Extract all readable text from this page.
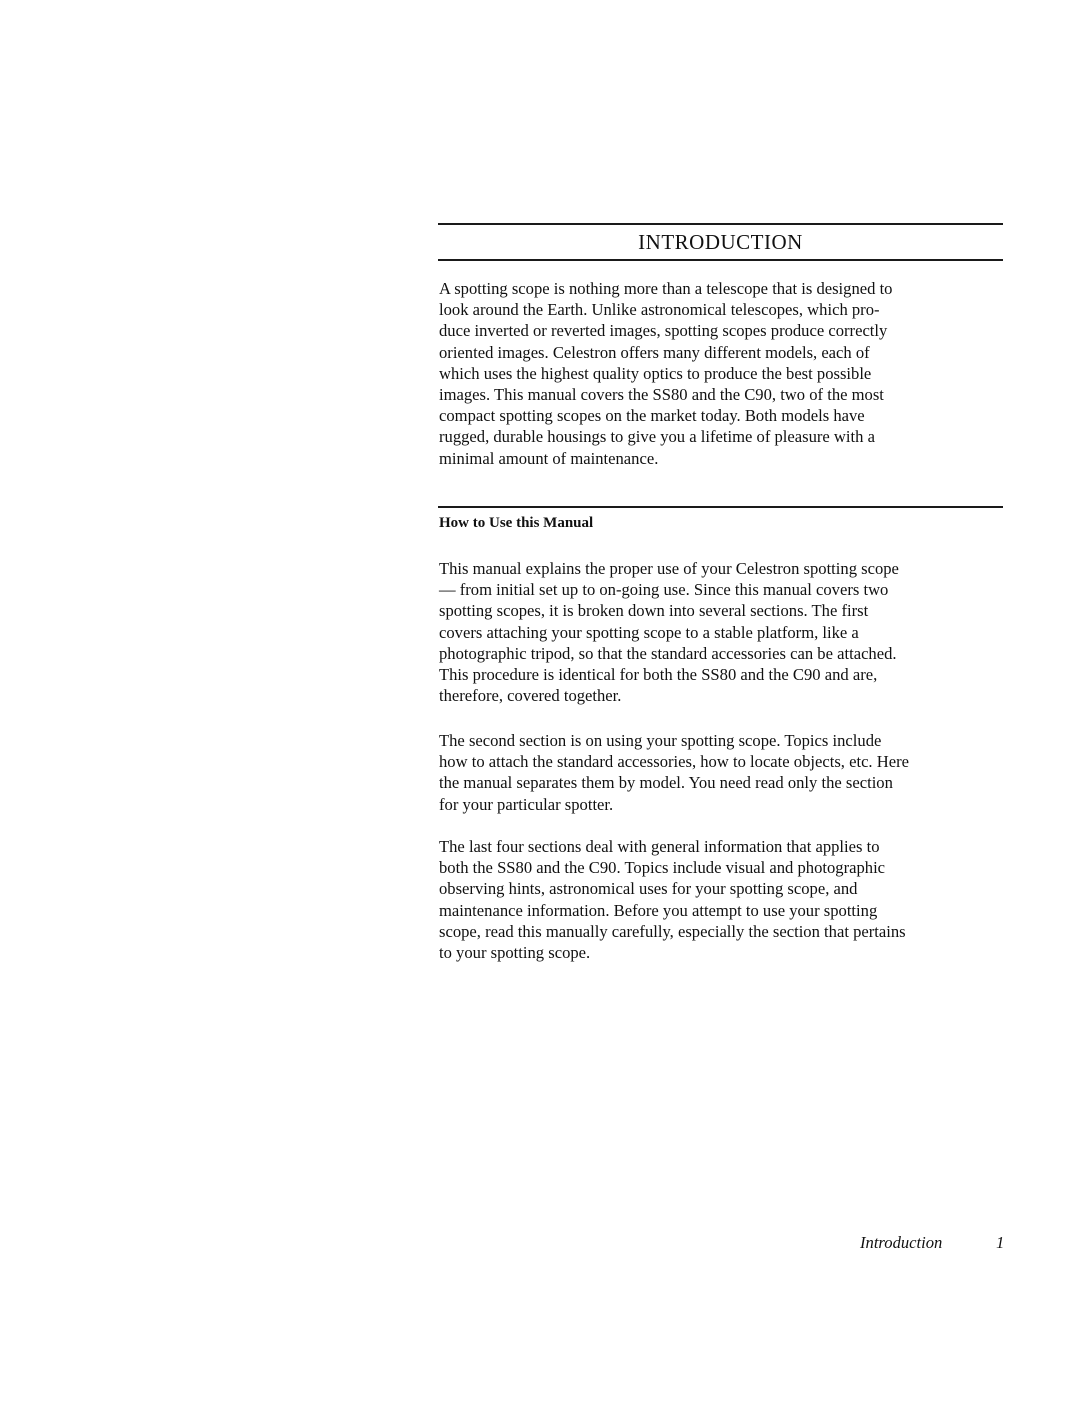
INTRODUCTION

A spotting scope is nothing more than a telescope that is designed to
look around the Earth. Unlike astronomical telescopes, which pro-
duce inverted or reverted images, spotting scopes produce correctly
oriented images. Celestron offers many different models, each of
which uses the highest quality optics to produce the best possible
images. This manual covers the SS80 and the C90, two of the most
compact spotting scopes on the market today. Both models have
rugged, durable housings to give you a lifetime of pleasure with a
minimal amount of maintenance.

How to Use this Manual

This manual explains the proper use of your Celestron spotting scope
— from initial set up to on-going use. Since this manual covers two
spotting scopes, it is broken down into several sections. The first
covers attaching your spotting scope to a stable platform, like a
photographic tripod, so that the standard accessories can be attached.
This procedure is identical for both the SS80 and the C90 and are,
therefore, covered together.

The second section is on using your spotting scope. Topics include
how to attach the standard accessories, how to locate objects, etc. Here
the manual separates them by model. You need read only the section
for your particular spotter.

The last four sections deal with general information that applies to
both the SS80 and the C90. Topics include visual and photographic
observing hints, astronomical uses for your spotting scope, and
maintenance information. Before you attempt to use your spotting
scope, read this manually carefully, especially the section that pertains
to your spotting scope.

Introduction	1
